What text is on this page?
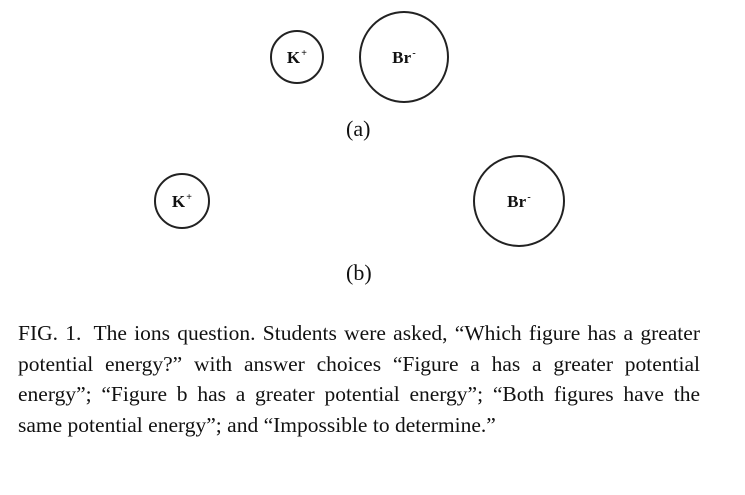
K+	Br-
(a)
K+	Br-
(b)

FIG. 1. The ions question. Students were asked, “Which figure has a greater potential energy?” with answer choices “Figure a has a greater potential energy”; “Figure b has a greater potential energy”; “Both figures have the same potential energy”; and “Impossible to determine.”
